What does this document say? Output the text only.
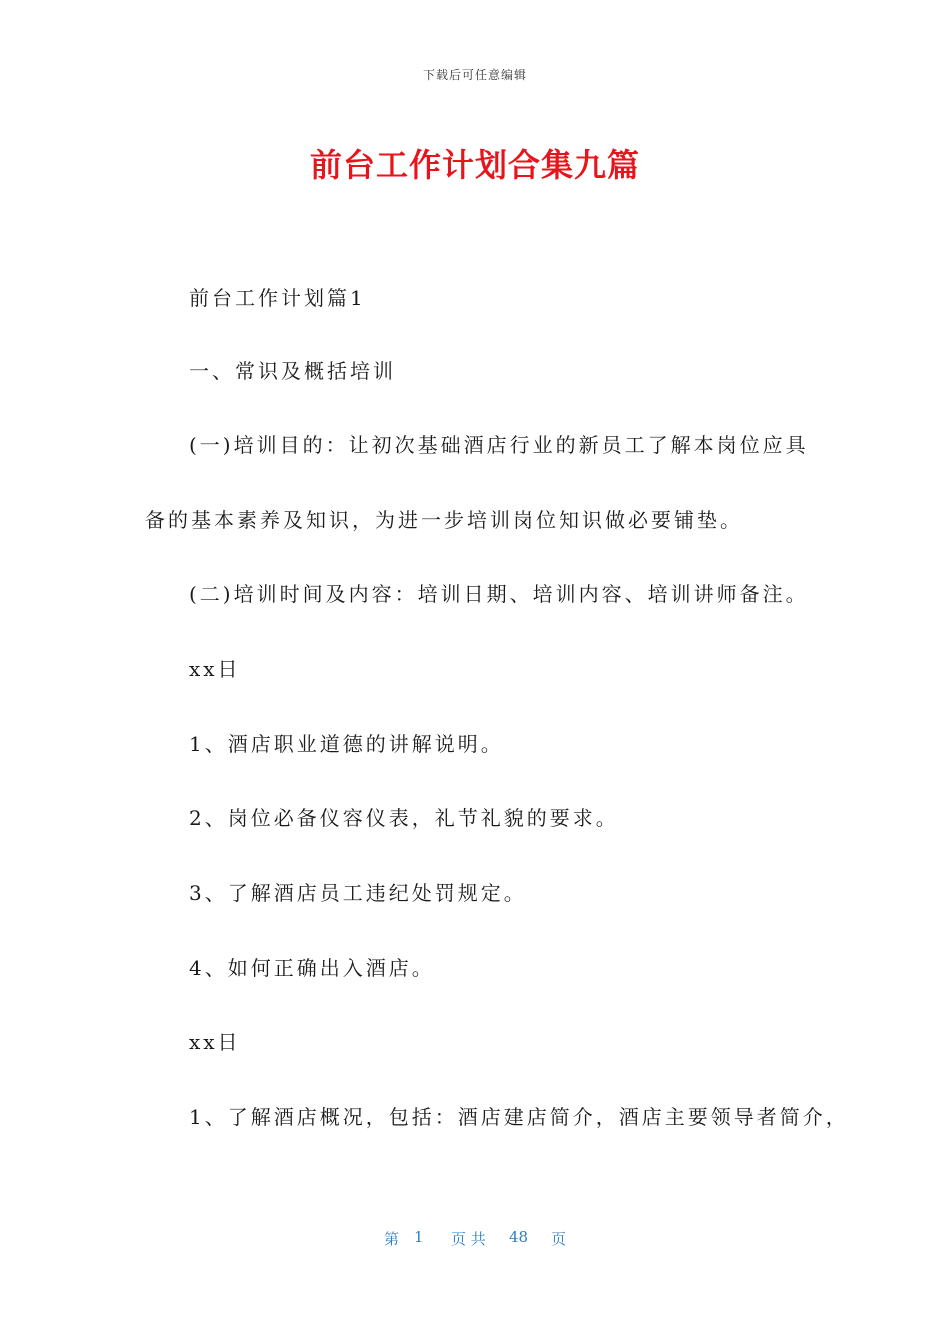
下载后可任意编辑
前台工作计划合集九篇
前台工作计划篇1
一、常识及概括培训
(一)培训目的：让初次基础酒店行业的新员工了解本岗位应具
备的基本素养及知识，为进一步培训岗位知识做必要铺垫。
(二)培训时间及内容：培训日期、培训内容、培训讲师备注。
xx日
1、酒店职业道德的讲解说明。
2、岗位必备仪容仪表，礼节礼貌的要求。
3、了解酒店员工违纪处罚规定。
4、如何正确出入酒店。
xx日
1、了解酒店概况，包括：酒店建店简介，酒店主要领导者简介，
第 1 页 共 48 页
